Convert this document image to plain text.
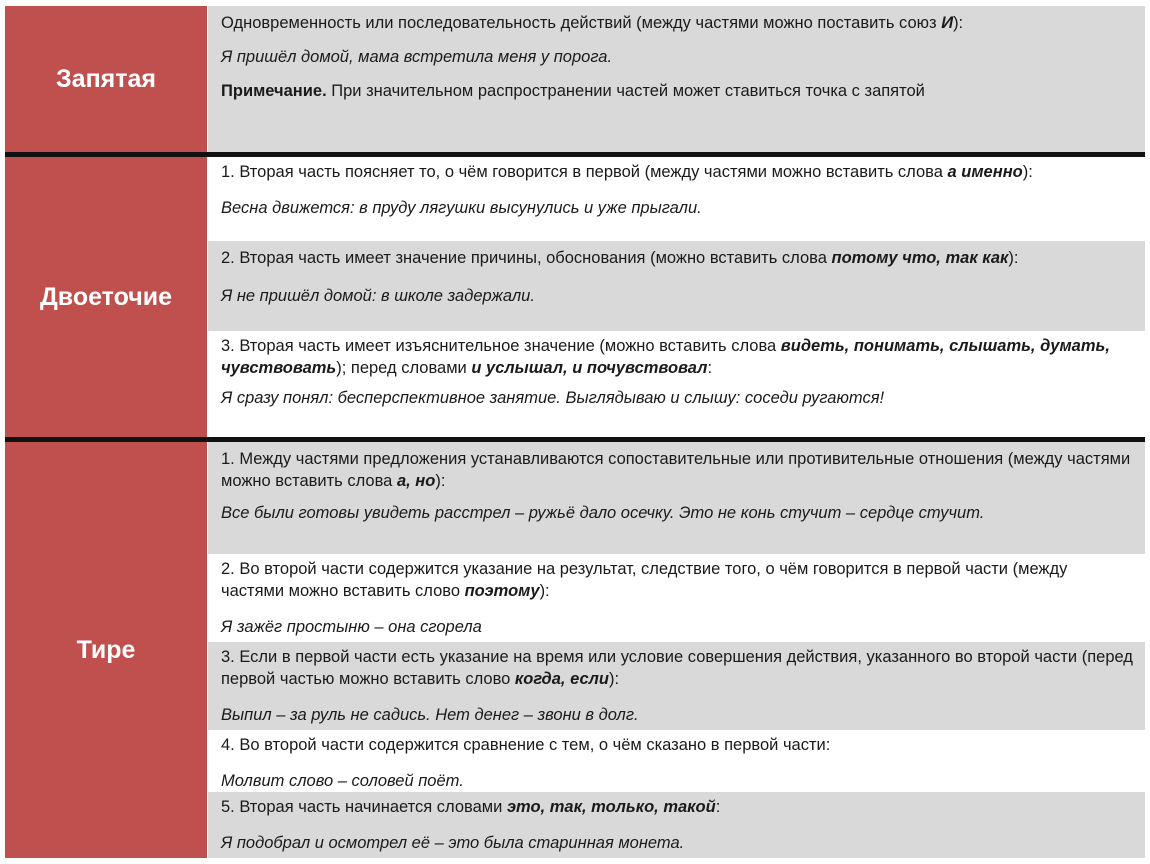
Запятая

Одновременность или последовательность действий (между частями можно поставить союз И):

Я пришёл домой, мама встретила меня у порога.

Примечание. При значительном распространении частей может ставиться точка с запятой

Двоеточие

1. Вторая часть поясняет то, о чём говорится в первой (между частями можно вставить слова а именно):

Весна движется: в пруду лягушки высунулись и уже прыгали.

2. Вторая часть имеет значение причины, обоснования (можно вставить слова потому что, так как):

Я не пришёл домой: в школе задержали.

3. Вторая часть имеет изъяснительное значение (можно вставить слова видеть, понимать, слышать, думать, чувствовать); перед словами и услышал, и почувствовал:

Я сразу понял: бесперспективное занятие. Выглядываю и слышу: соседи ругаются!

Тире

1. Между частями предложения устанавливаются сопоставительные или противительные отношения (между частями можно вставить слова а, но):

Все были готовы увидеть расстрел – ружьё дало осечку. Это не конь стучит – сердце стучит.

2. Во второй части содержится указание на результат, следствие того, о чём говорится в первой части (между частями можно вставить слово поэтому):

Я зажёг простыню – она сгорела

3. Если в первой части есть указание на время или условие совершения действия, указанного во второй части (перед первой частью можно вставить слово когда, если):

Выпил – за руль не садись. Нет денег – звони в долг.

4. Во второй части содержится сравнение с тем, о чём сказано в первой части:

Молвит слово – соловей поёт.

5. Вторая часть начинается словами это, так, только, такой:

Я подобрал и осмотрел её – это была старинная монета.
